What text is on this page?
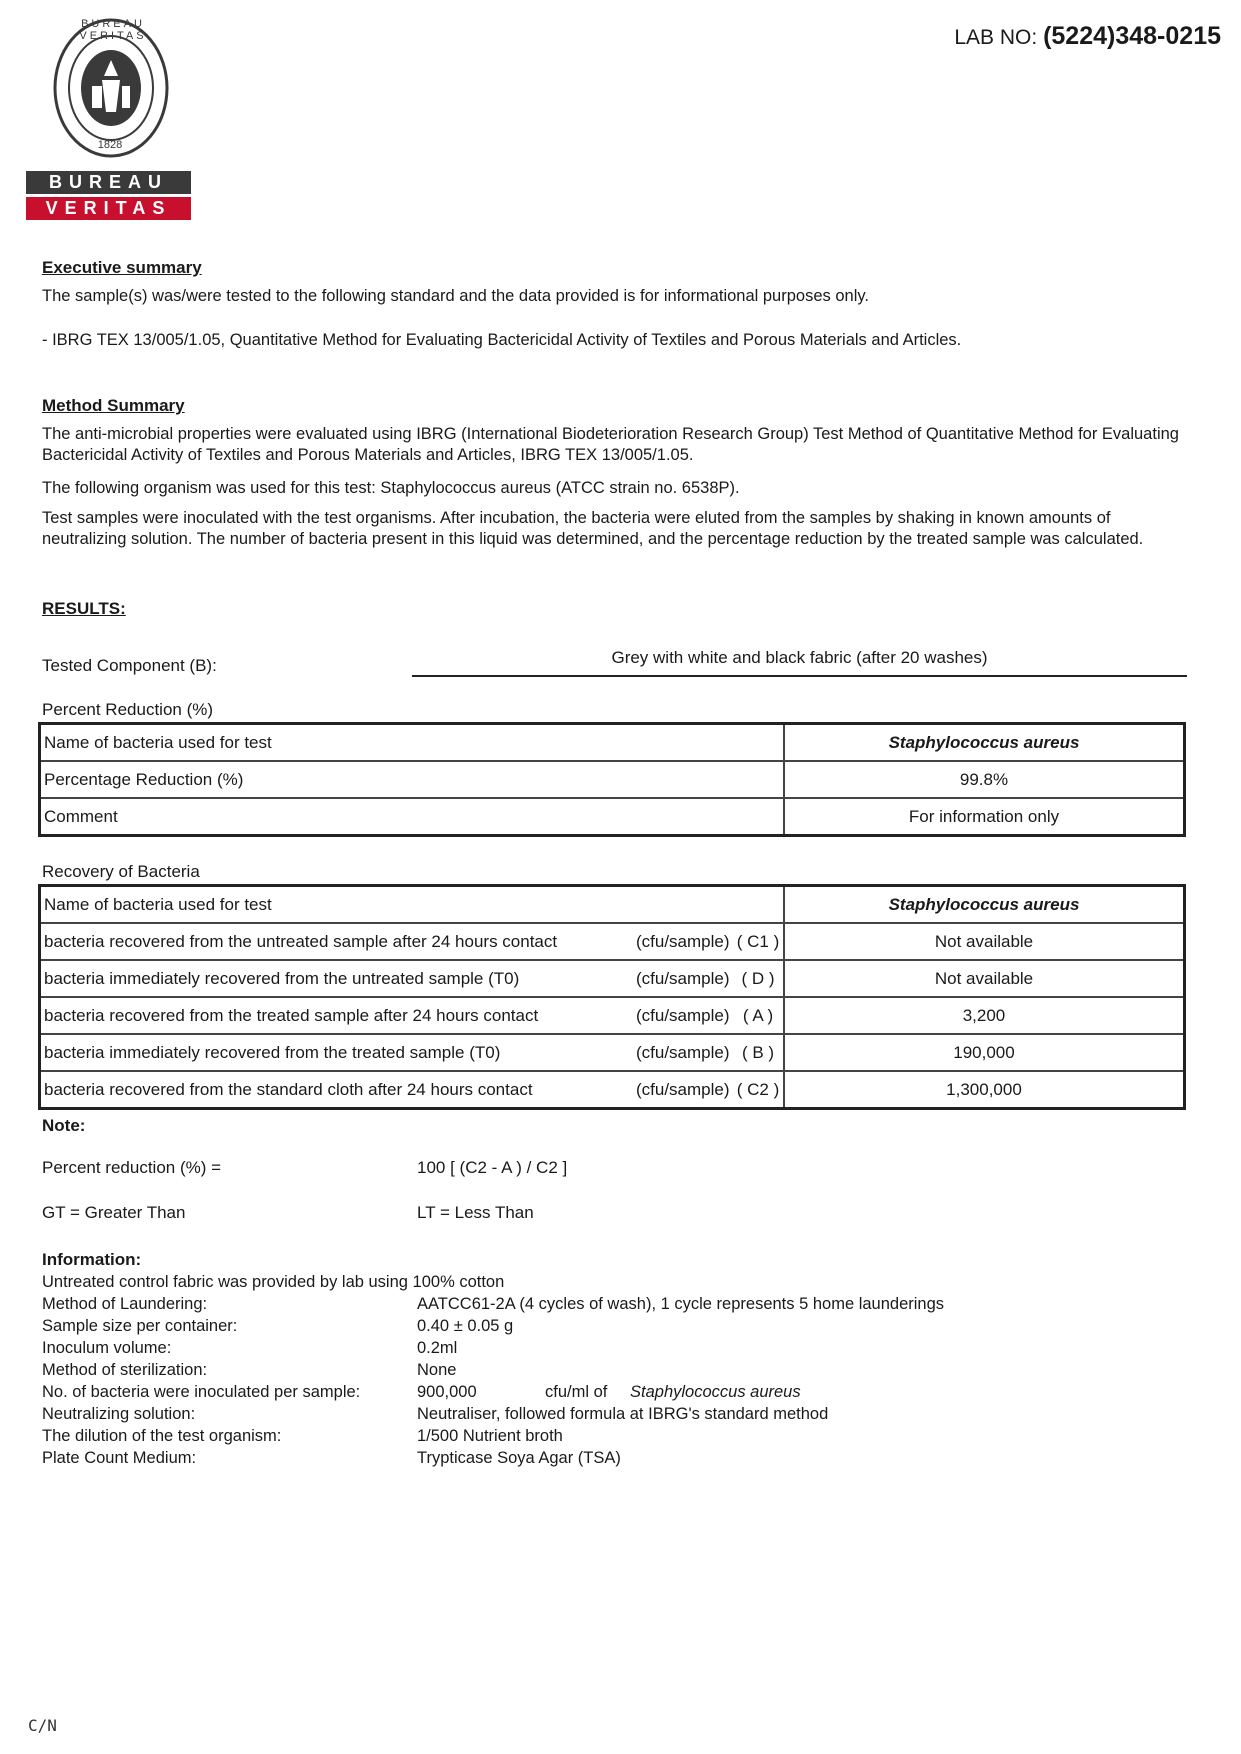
BUREAU VERITAS
1828
BUREAU
VERITAS
LAB NO: (5224)348-0215
Executive summary
The sample(s) was/were tested to the following standard and the data provided is for informational purposes only.
- IBRG TEX 13/005/1.05, Quantitative Method for Evaluating Bactericidal Activity of Textiles and Porous Materials and Articles.
Method Summary
The anti-microbial properties were evaluated using IBRG (International Biodeterioration Research Group) Test Method of Quantitative Method for Evaluating Bactericidal Activity of Textiles and Porous Materials and Articles, IBRG TEX 13/005/1.05.
The following organism was used for this test: Staphylococcus aureus (ATCC strain no. 6538P).
Test samples were inoculated with the test organisms. After incubation, the bacteria were eluted from the samples by shaking in known amounts of neutralizing solution. The number of bacteria present in this liquid was determined, and the percentage reduction by the treated sample was calculated.
RESULTS:
Tested Component (B):	Grey with white and black fabric (after 20 washes)
Percent Reduction (%)
Name of bacteria used for test	Staphylococcus aureus
Percentage Reduction (%)	99.8%
Comment	For information only
Recovery of Bacteria
Name of bacteria used for test	Staphylococcus aureus

bacteria recovered from the untreated sample after 24 hours contact (cfu/sample) ( C1 )	Not available

bacteria immediately recovered from the untreated sample (T0) (cfu/sample) ( D )	Not available

bacteria recovered from the treated sample after 24 hours contact (cfu/sample) ( A )	3,200

bacteria immediately recovered from the treated sample (T0) (cfu/sample) ( B )	190,000

bacteria recovered from the standard cloth after 24 hours contact (cfu/sample) ( C2 )	1,300,000
Note:
Percent reduction (%) =	100 [ (C2 - A ) / C2 ]
GT = Greater Than	LT = Less Than
Information:
Untreated control fabric was provided by lab using 100% cotton
Method of Laundering:	AATCC61-2A (4 cycles of wash), 1 cycle represents 5 home launderings
Sample size per container:	0.40 ± 0.05 g
Inoculum volume:	0.2ml
Method of sterilization:	None
No. of bacteria were inoculated per sample:	900,000	cfu/ml of	Staphylococcus aureus
Neutralizing solution:	Neutraliser, followed formula at IBRG's standard method
The dilution of the test organism:	1/500 Nutrient broth
Plate Count Medium:	Trypticase Soya Agar (TSA)
C/N
